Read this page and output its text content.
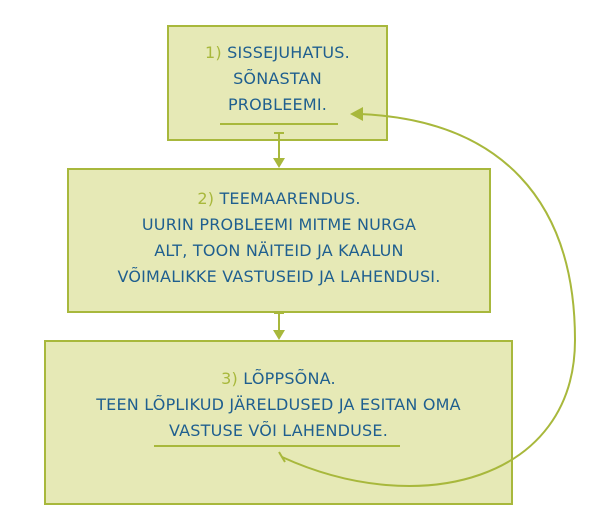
1) SISSEJUHATUS.
SÕNASTAN
PROBLEEMI.
2) TEEMAARENDUS.
UURIN PROBLEEMI MITME NURGA
ALT, TOON NÄITEID JA KAALUN
VÕIMALIKKE VASTUSEID JA LAHENDUSI.
3) LÕPPSÕNA.
TEEN LÕPLIKUD JÄRELDUSED JA ESITAN OMA
VASTUSE VÕI LAHENDUSE.
